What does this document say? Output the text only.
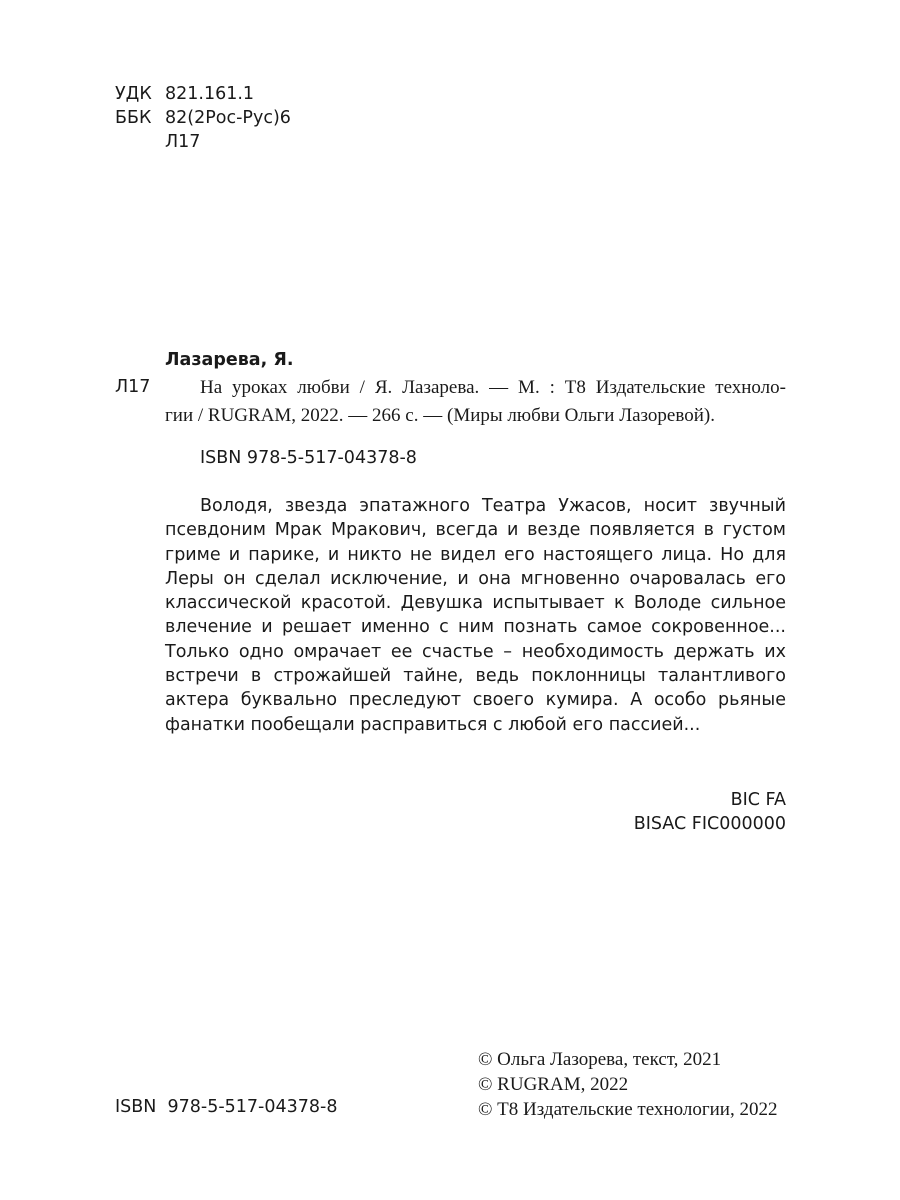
УДК 821.161.1
ББК 82(2Рос-Рус)6
Л17
Лазарева, Я.
Л17	На уроках любви / Я. Лазарева. — М. : Т8 Издательские техноло-
гии / RUGRAM, 2022. — 266 с. — (Миры любви Ольги Лазоревой).
ISBN 978-5-517-04378-8

Володя, звезда эпатажного Театра Ужасов, носит звучный псевдоним Мрак Мракович, всегда и везде появляется в густом гриме и парике, и никто не видел его настоящего лица. Но для Леры он сделал исключение, и она мгновенно очаровалась его классической красотой. Девушка испытывает к Володе сильное влечение и решает именно с ним познать самое сокровенное... Только одно омрачает ее счастье – необходимость держать их встречи в строжайшей тайне, ведь поклонницы талантливого актера буквально преследуют своего кумира. А особо рьяные фанатки пообещали расправиться с любой его пассией...

BIC FA
BISAC FIC000000
ISBN  978-5-517-04378-8
© Ольга Лазорева, текст, 2021
© RUGRAM, 2022
© Т8 Издательские технологии, 2022
